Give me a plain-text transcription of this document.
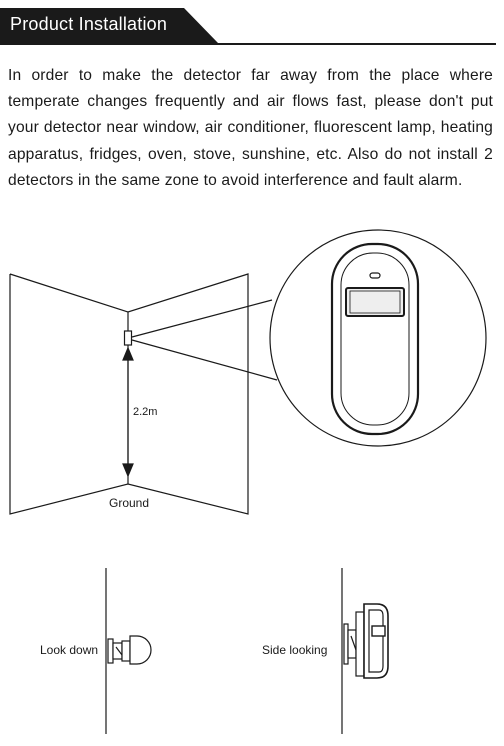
Product Installation

In order to make the detector far away from the place where temperate changes frequently and air flows fast, please don't put your detector near window, air conditioner, fluorescent lamp, heating apparatus, fridges, oven, stove, sunshine, etc. Also do not install 2 detectors in the same zone to avoid interference and fault alarm.

2.2m
Ground
Look down	Side looking
